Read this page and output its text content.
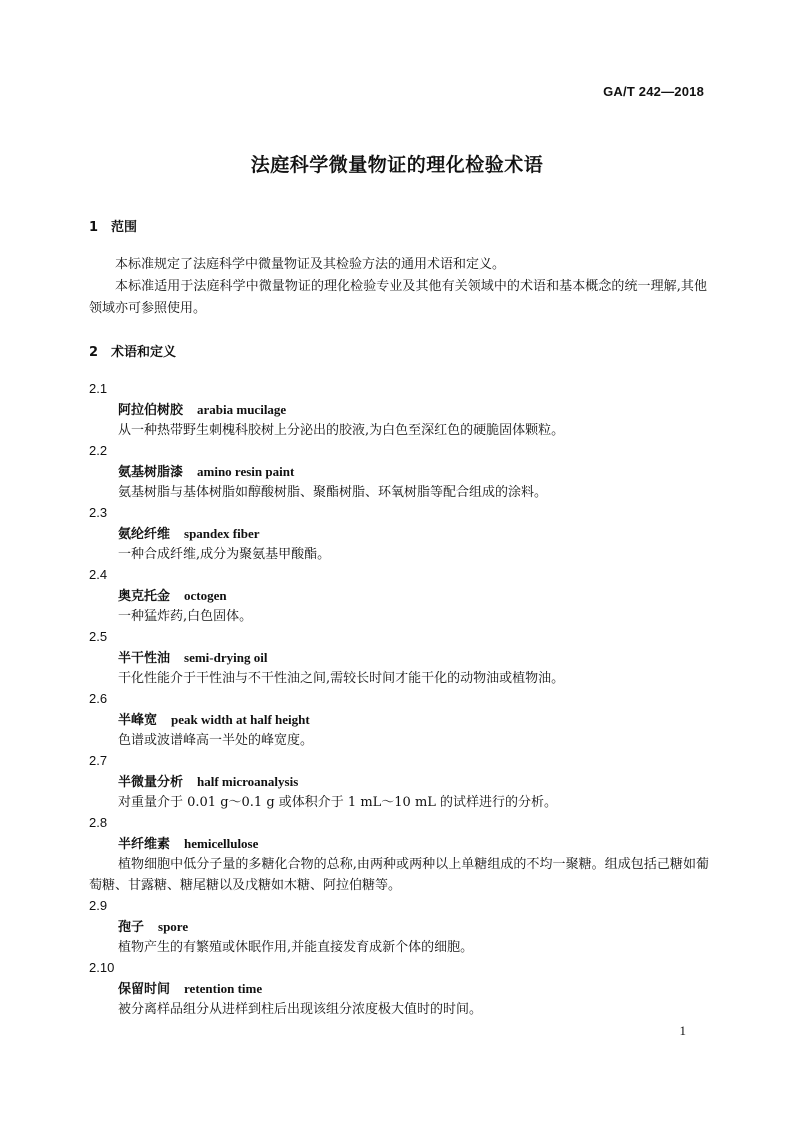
GA/T 242—2018
法庭科学微量物证的理化检验术语
1 范围
本标准规定了法庭科学中微量物证及其检验方法的通用术语和定义。
本标准适用于法庭科学中微量物证的理化检验专业及其他有关领域中的术语和基本概念的统一理解,其他领域亦可参照使用。
2 术语和定义
2.1
阿拉伯树胶 arabia mucilage
从一种热带野生刺槐科胶树上分泌出的胶液,为白色至深红色的硬脆固体颗粒。
2.2
氨基树脂漆 amino resin paint
氨基树脂与基体树脂如醇酸树脂、聚酯树脂、环氧树脂等配合组成的涂料。
2.3
氨纶纤维 spandex fiber
一种合成纤维,成分为聚氨基甲酸酯。
2.4
奥克托金 octogen
一种猛炸药,白色固体。
2.5
半干性油 semi-drying oil
干化性能介于干性油与不干性油之间,需较长时间才能干化的动物油或植物油。
2.6
半峰宽 peak width at half height
色谱或波谱峰高一半处的峰宽度。
2.7
半微量分析 half microanalysis
对重量介于 0.01 g～0.1 g 或体积介于 1 mL～10 mL 的试样进行的分析。
2.8
半纤维素 hemicellulose
植物细胞中低分子量的多糖化合物的总称,由两种或两种以上单糖组成的不均一聚糖。组成包括己糖如葡萄糖、甘露糖、糖尾糖以及戊糖如木糖、阿拉伯糖等。
2.9
孢子 spore
植物产生的有繁殖或休眠作用,并能直接发育成新个体的细胞。
2.10
保留时间 retention time
被分离样品组分从进样到柱后出现该组分浓度极大值时的时间。
1
